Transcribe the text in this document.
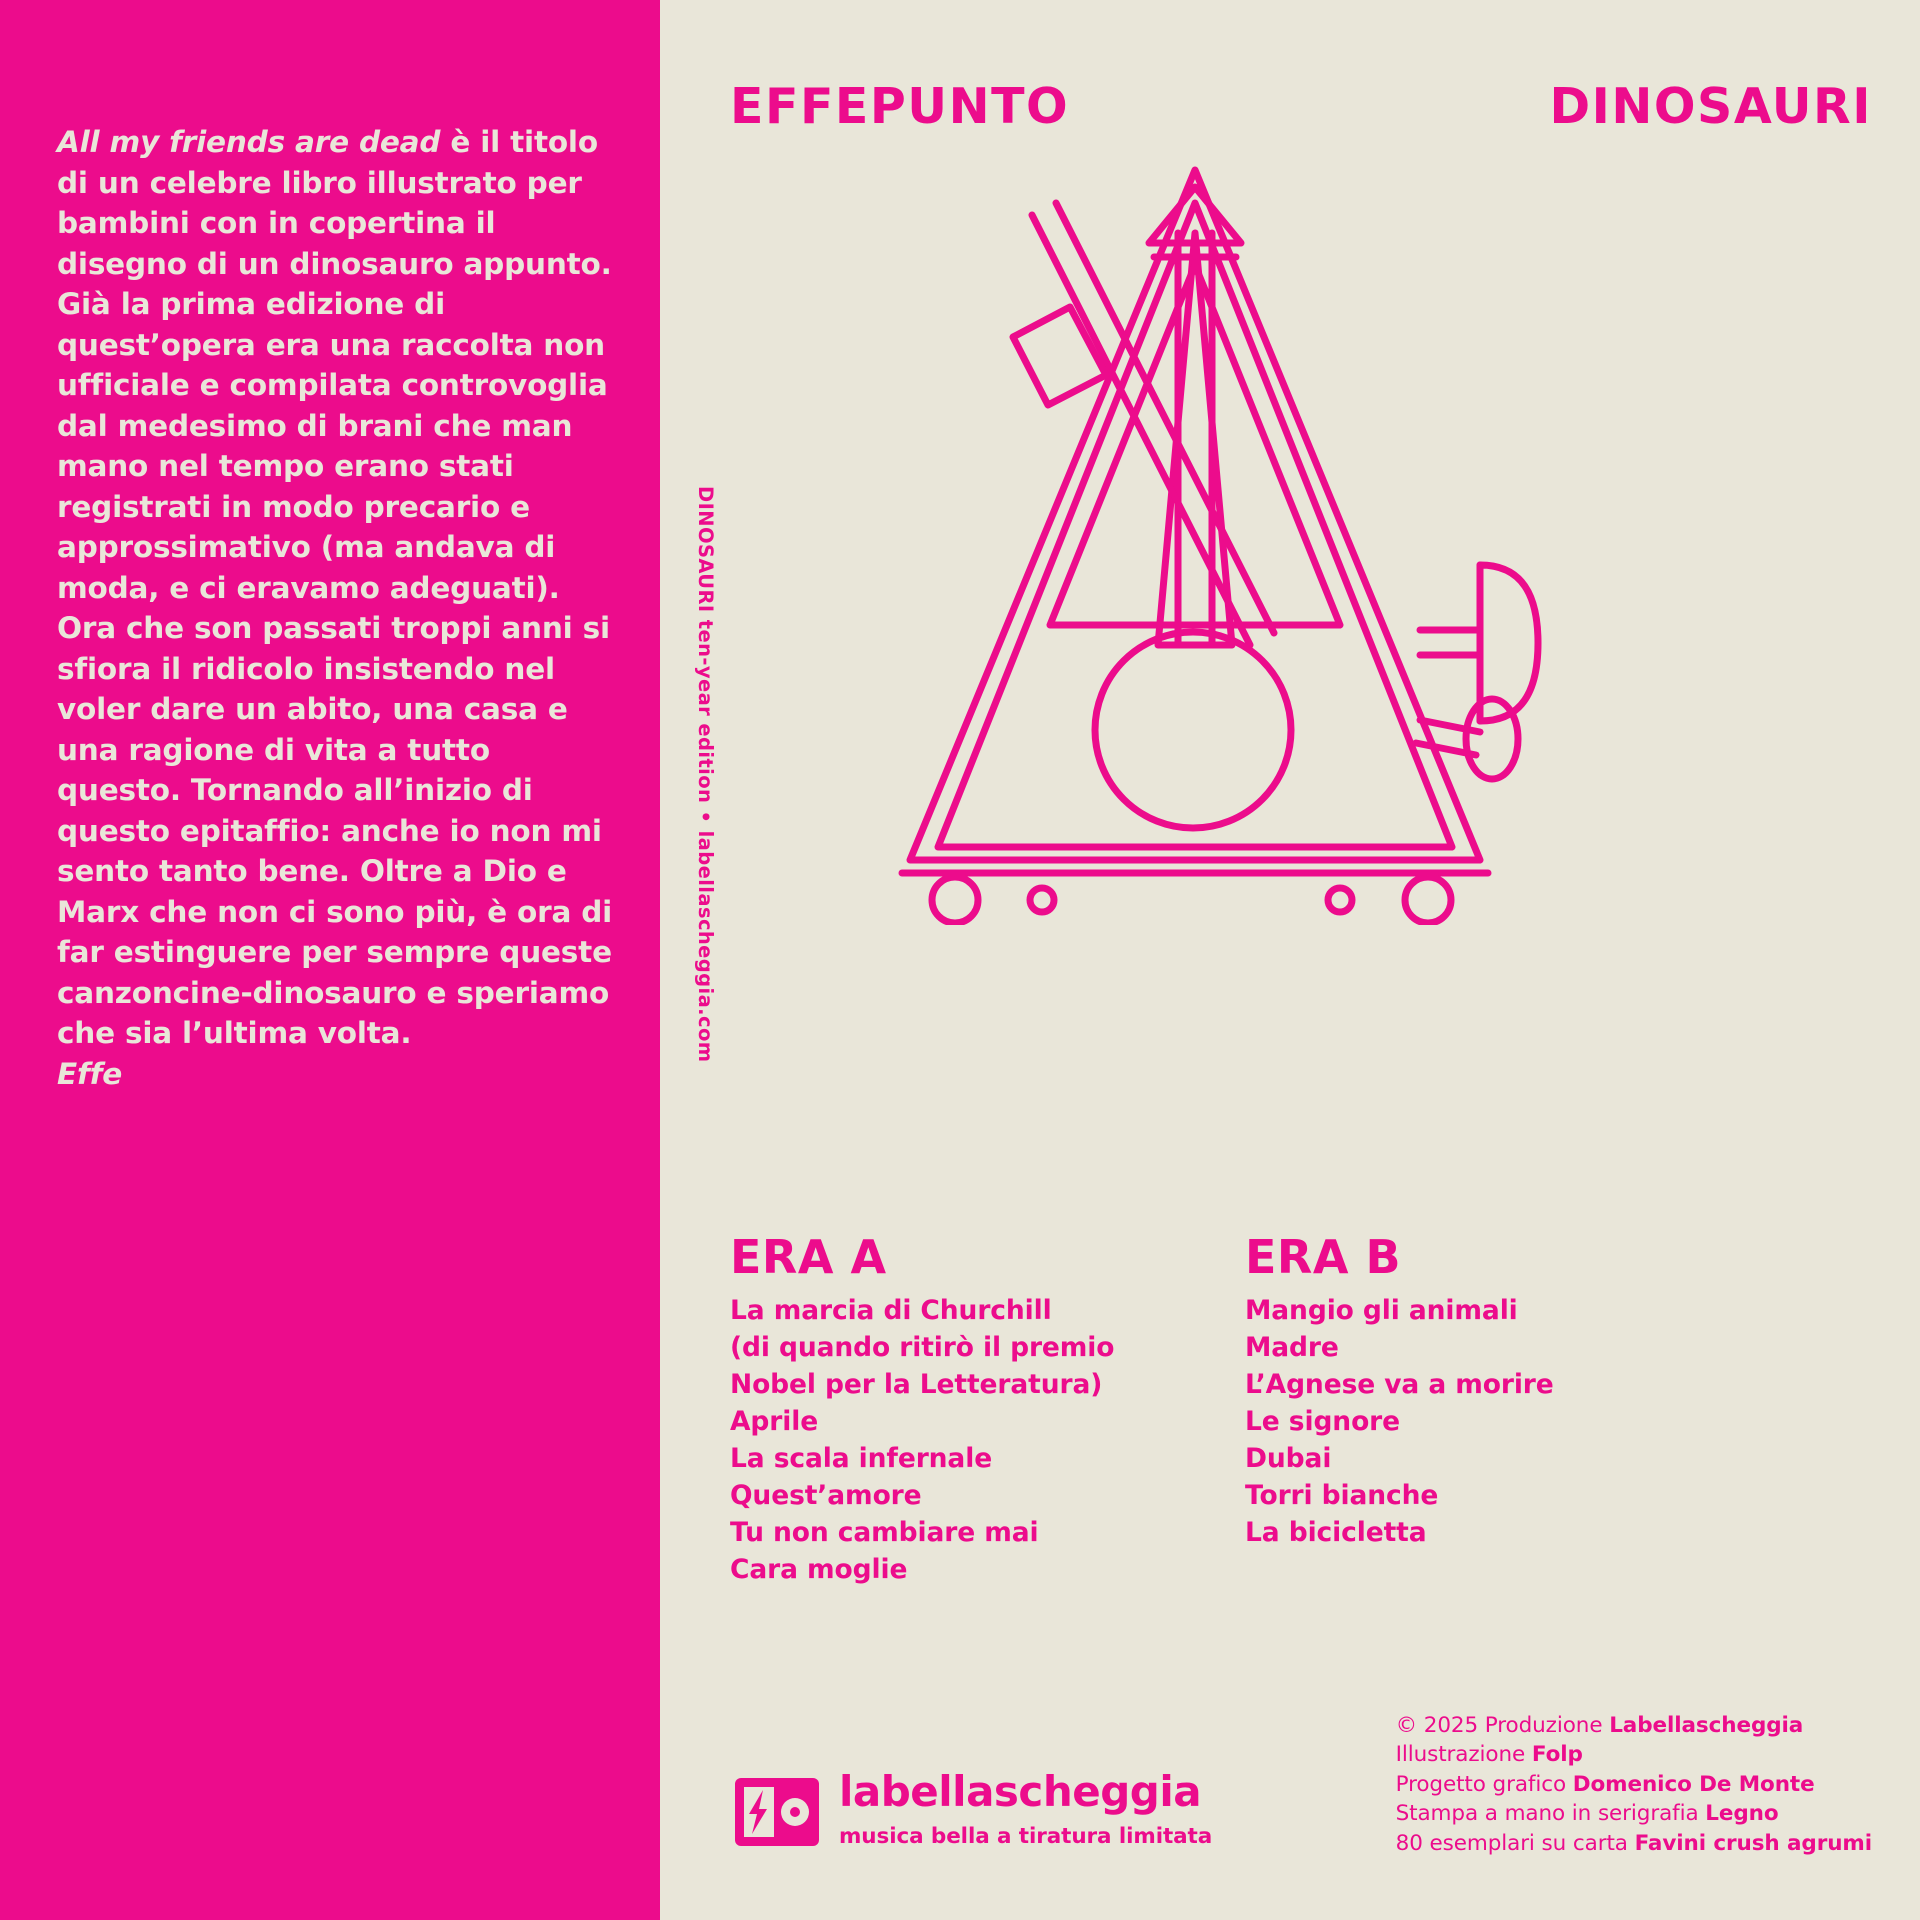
All my friends are dead è il titolo di un celebre libro illustrato per bambini con in copertina il disegno di un dinosauro appunto. Già la prima edizione di quest’opera era una raccolta non ufficiale e compilata controvoglia dal medesimo di brani che man mano nel tempo erano stati registrati in modo precario e approssimativo (ma andava di moda, e ci eravamo adeguati). Ora che son passati troppi anni si sfiora il ridicolo insistendo nel voler dare un abito, una casa e una ragione di vita a tutto questo. Tornando all’inizio di questo epitaffio: anche io non mi sento tanto bene. Oltre a Dio e Marx che non ci sono più, è ora di far estinguere per sempre queste canzoncine-dinosauro e speriamo che sia l’ultima volta.
Effe
EFFEPUNTO	DINOSAURI
DINOSAURI ten-year edition • labellascheggia.com
ERA A
La marcia di Churchill
(di quando ritirò il premio
Nobel per la Letteratura)
Aprile
La scala infernale
Quest’amore
Tu non cambiare mai
Cara moglie
ERA B
Mangio gli animali
Madre
L’Agnese va a morire
Le signore
Dubai
Torri bianche
La bicicletta
labellascheggia
musica bella a tiratura limitata
© 2025 Produzione Labellascheggia
Illustrazione Folp
Progetto grafico Domenico De Monte
Stampa a mano in serigrafia Legno
80 esemplari su carta Favini crush agrumi
